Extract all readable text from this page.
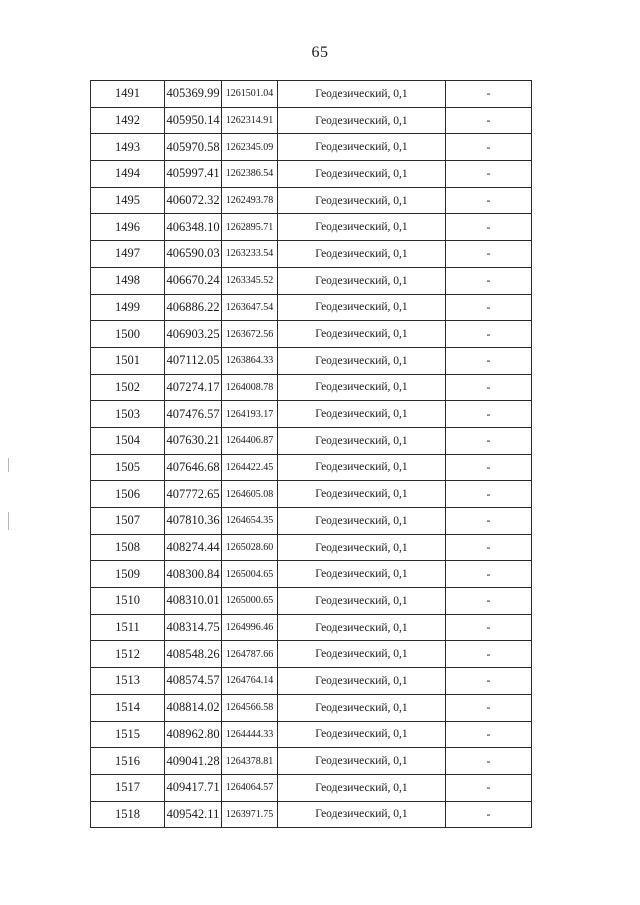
65
1491	405369.99	1261501.04	Геодезический, 0,1	-
1492	405950.14	1262314.91	Геодезический, 0,1	-
1493	405970.58	1262345.09	Геодезический, 0,1	-
1494	405997.41	1262386.54	Геодезический, 0,1	-
1495	406072.32	1262493.78	Геодезический, 0,1	-
1496	406348.10	1262895.71	Геодезический, 0,1	-
1497	406590.03	1263233.54	Геодезический, 0,1	-
1498	406670.24	1263345.52	Геодезический, 0,1	-
1499	406886.22	1263647.54	Геодезический, 0,1	-
1500	406903.25	1263672.56	Геодезический, 0,1	-
1501	407112.05	1263864.33	Геодезический, 0,1	-
1502	407274.17	1264008.78	Геодезический, 0,1	-
1503	407476.57	1264193.17	Геодезический, 0,1	-
1504	407630.21	1264406.87	Геодезический, 0,1	-
1505	407646.68	1264422.45	Геодезический, 0,1	-
1506	407772.65	1264605.08	Геодезический, 0,1	-
1507	407810.36	1264654.35	Геодезический, 0,1	-
1508	408274.44	1265028.60	Геодезический, 0,1	-
1509	408300.84	1265004.65	Геодезический, 0,1	-
1510	408310.01	1265000.65	Геодезический, 0,1	-
1511	408314.75	1264996.46	Геодезический, 0,1	-
1512	408548.26	1264787.66	Геодезический, 0,1	-
1513	408574.57	1264764.14	Геодезический, 0,1	-
1514	408814.02	1264566.58	Геодезический, 0,1	-
1515	408962.80	1264444.33	Геодезический, 0,1	-
1516	409041.28	1264378.81	Геодезический, 0,1	-
1517	409417.71	1264064.57	Геодезический, 0,1	-
1518	409542.11	1263971.75	Геодезический, 0,1	-
